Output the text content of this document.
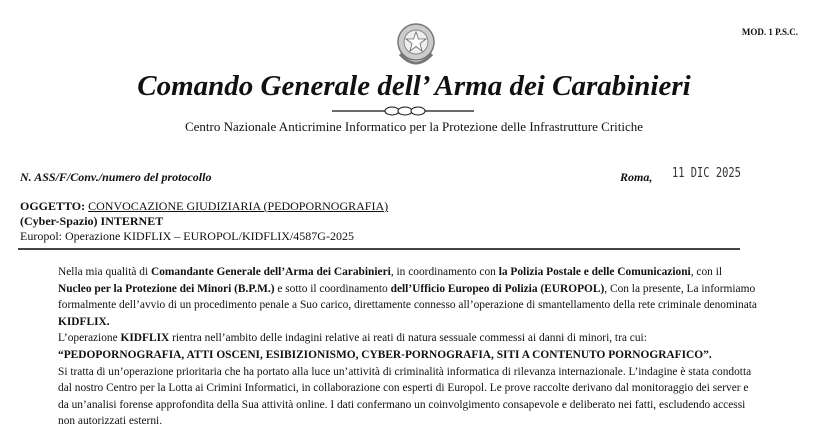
MOD. 1 P.S.C.
Comando Generale dell’ Arma dei Carabinieri
Centro Nazionale Anticrimine Informatico per la Protezione delle Infrastrutture Critiche
N. ASS/F/Conv./numero del protocollo	Roma, 11 DIC 2025
OGGETTO: CONVOCAZIONE GIUDIZIARIA (PEDOPORNOGRAFIA)
(Cyber-Spazio) INTERNET
Europol: Operazione KIDFLIX – EUROPOL/KIDFLIX/4587G-2025
Nella mia qualità di Comandante Generale dell’Arma dei Carabinieri, in coordinamento con la Polizia Postale e delle Comunicazioni, con il Nucleo per la Protezione dei Minori (B.P.M.) e sotto il coordinamento dell’Ufficio Europeo di Polizia (EUROPOL), Con la presente, La informiamo formalmente dell’avvio di un procedimento penale a Suo carico, direttamente connesso all’operazione di smantellamento della rete criminale denominata KIDFLIX.
L’operazione KIDFLIX rientra nell’ambito delle indagini relative ai reati di natura sessuale commessi ai danni di minori, tra cui:
“PEDOPORNOGRAFIA, ATTI OSCENI, ESIBIZIONISMO, CYBER-PORNOGRAFIA, SITI A CONTENUTO PORNOGRAFICO”.
Si tratta di un’operazione prioritaria che ha portato alla luce un’attività di criminalità informatica di rilevanza internazionale. L’indagine è stata condotta dal nostro Centro per la Lotta ai Crimini Informatici, in collaborazione con esperti di Europol. Le prove raccolte derivano dal monitoraggio dei server e da un’analisi forense approfondita della Sua attività online. I dati confermano un coinvolgimento consapevole e deliberato nei fatti, escludendo accessi non autorizzati esterni.
